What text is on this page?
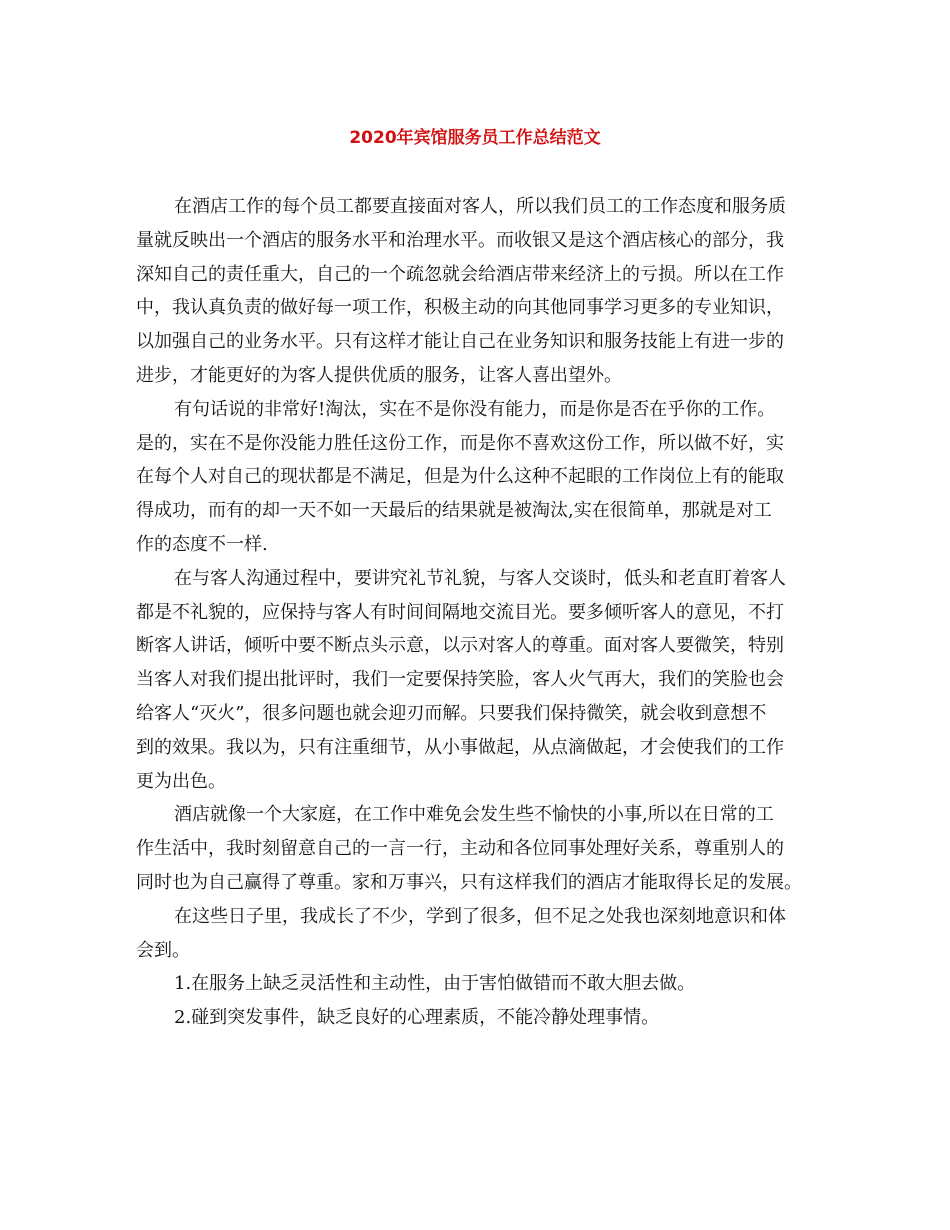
2020年宾馆服务员工作总结范文
在酒店工作的每个员工都要直接面对客人，所以我们员工的工作态度和服务质
量就反映出一个酒店的服务水平和治理水平。而收银又是这个酒店核心的部分，我
深知自己的责任重大，自己的一个疏忽就会给酒店带来经济上的亏损。所以在工作
中，我认真负责的做好每一项工作，积极主动的向其他同事学习更多的专业知识，
以加强自己的业务水平。只有这样才能让自己在业务知识和服务技能上有进一步的
进步，才能更好的为客人提供优质的服务，让客人喜出望外。
有句话说的非常好!淘汰，实在不是你没有能力，而是你是否在乎你的工作。
是的，实在不是你没能力胜任这份工作，而是你不喜欢这份工作，所以做不好，实
在每个人对自己的现状都是不满足，但是为什么这种不起眼的工作岗位上有的能取
得成功，而有的却一天不如一天最后的结果就是被淘汰,实在很简单，那就是对工
作的态度不一样.
在与客人沟通过程中，要讲究礼节礼貌，与客人交谈时，低头和老直盯着客人
都是不礼貌的，应保持与客人有时间间隔地交流目光。要多倾听客人的意见，不打
断客人讲话，倾听中要不断点头示意，以示对客人的尊重。面对客人要微笑，特别
当客人对我们提出批评时，我们一定要保持笑脸，客人火气再大，我们的笑脸也会
给客人“灭火”，很多问题也就会迎刃而解。只要我们保持微笑，就会收到意想不
到的效果。我以为，只有注重细节，从小事做起，从点滴做起，才会使我们的工作
更为出色。
酒店就像一个大家庭，在工作中难免会发生些不愉快的小事,所以在日常的工
作生活中，我时刻留意自己的一言一行，主动和各位同事处理好关系，尊重别人的
同时也为自己赢得了尊重。家和万事兴，只有这样我们的酒店才能取得长足的发展。
在这些日子里，我成长了不少，学到了很多，但不足之处我也深刻地意识和体
会到。
1.在服务上缺乏灵活性和主动性，由于害怕做错而不敢大胆去做。
2.碰到突发事件，缺乏良好的心理素质，不能冷静处理事情。
